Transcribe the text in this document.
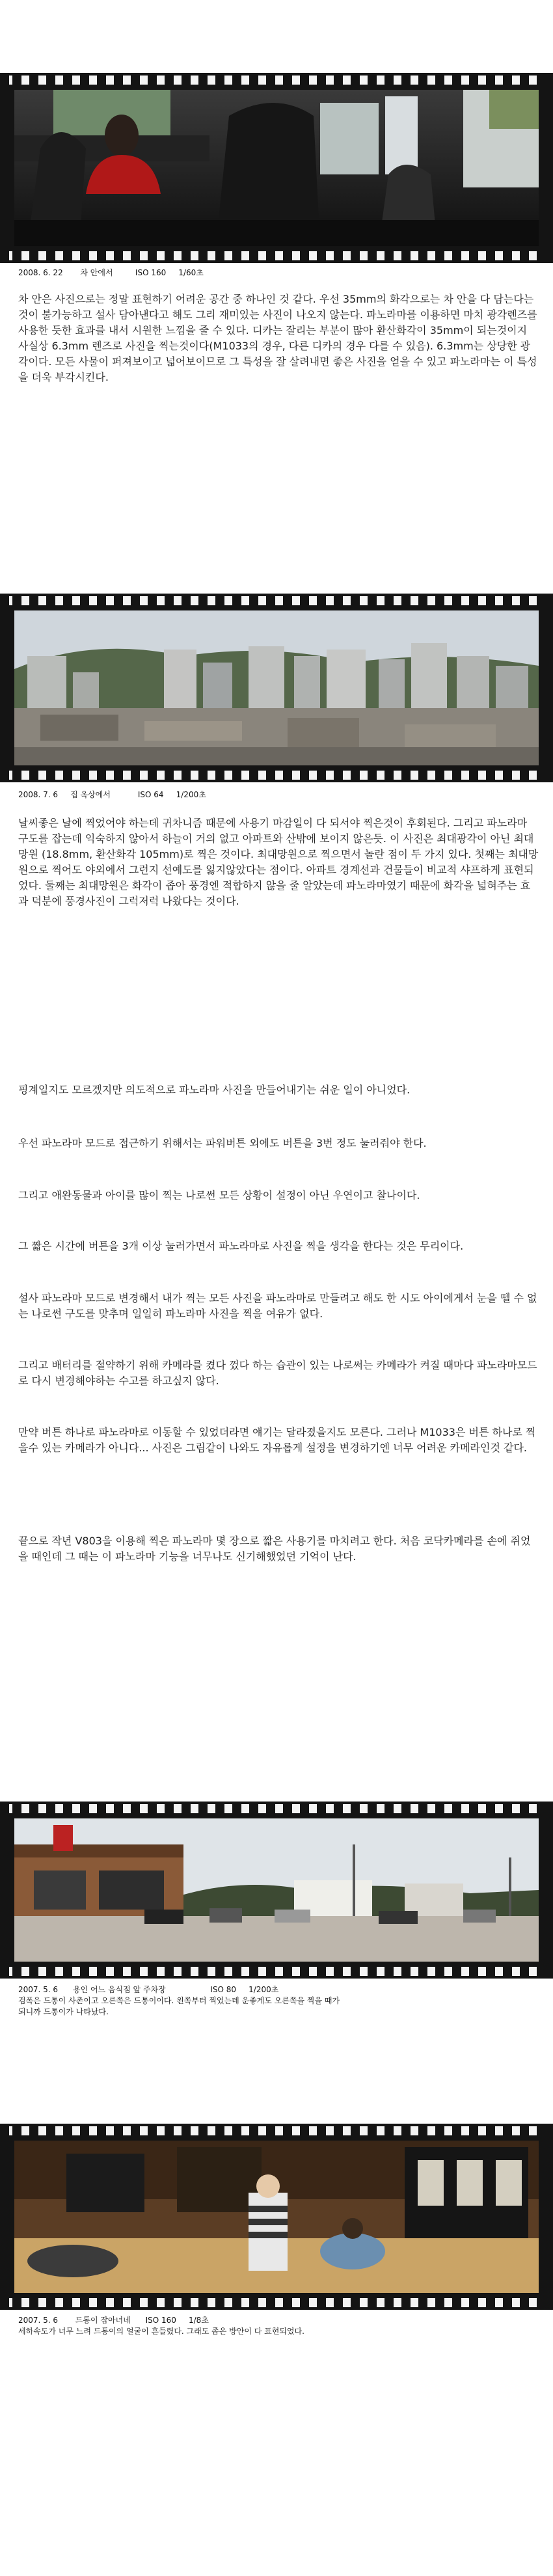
2008. 6. 22       차 안에서         ISO 160     1/60초
차 안은 사진으로는 정말 표현하기 어려운 공간 중 하나인 것 같다. 우선 35mm의 화각으로는 차 안을 다 담는다는 것이 불가능하고 설사 담아낸다고 해도 그리 재미있는 사진이 나오지 않는다. 파노라마를 이용하면 마치 광각렌즈를 사용한 듯한 효과를 내서 시원한 느낌을 줄 수 있다. 디카는 잘리는 부분이 많아 환산화각이 35mm이 되는것이지 사실상 6.3mm 렌즈로 사진을 찍는것이다(M1033의 경우, 다른 디카의 경우 다를 수 있음). 6.3mm는 상당한 광각이다. 모든 사물이 퍼져보이고 넓어보이므로 그 특성을 잘 살려내면 좋은 사진을 얻을 수 있고 파노라마는 이 특성을 더욱 부각시킨다.
2008. 7. 6     집 옥상에서           ISO 64     1/200초
날씨좋은 날에 찍었어야 하는데 귀차니즘 때문에 사용기 마감일이 다 되서야 찍은것이 후회된다. 그리고 파노라마 구도를 잡는데 익숙하지 않아서 하늘이 거의 없고 아파트와 산밖에 보이지 않은듯. 이 사진은 최대광각이 아닌 최대망원 (18.8mm, 환산화각 105mm)로 찍은 것이다. 최대망원으로 찍으면서 놀란 점이 두 가지 있다. 첫째는 최대망원으로 찍어도 야외에서 그런지 선예도를 잃지않았다는 점이다. 아파트 경계선과 건물들이 비교적 샤프하게 표현되었다. 둘째는 최대망원은 화각이 좁아 풍경엔 적합하지 않을 줄 알았는데 파노라마였기 때문에 화각을 넓혀주는 효과 덕분에 풍경사진이 그럭저럭 나왔다는 것이다.
핑계일지도 모르겠지만 의도적으로 파노라마 사진을 만들어내기는 쉬운 일이 아니었다.
우선 파노라마 모드로 접근하기 위해서는 파워버튼 외에도 버튼을 3번 정도 눌러줘야 한다.
그리고 애완동물과 아이를 많이 찍는 나로썬 모든 상황이 설정이 아닌 우연이고 찰나이다.
그 짧은 시간에 버튼을 3개 이상 눌러가면서 파노라마로 사진을 찍을 생각을 한다는 것은 무리이다.
설사 파노라마 모드로 변경해서 내가 찍는 모든 사진을 파노라마로 만들려고 해도 한 시도 아이에게서 눈을 뗄 수 없는 나로썬 구도를 맞추며 일일히 파노라마 사진을 찍을 여유가 없다.
그리고 배터리를 절약하기 위해 카메라를 켰다 껐다 하는 습관이 있는 나로써는 카메라가 켜질 때마다 파노라마모드로 다시 변경해야하는 수고를 하고싶지 않다.
만약 버튼 하나로 파노라마로 이동할 수 있었더라면 얘기는 달라졌을지도 모른다. 그러나 M1033은 버튼 하나로 찍을수 있는 카메라가 아니다... 사진은 그림같이 나와도 자유롭게 설정을 변경하기엔 너무 어려운 카메라인것 같다.
끝으로 작년 V803을 이용해 찍은 파노라마 몇 장으로 짧은 사용기를 마치려고 한다. 처음 코닥카메라를 손에 쥐었을 때인데 그 때는 이 파노라마 기능을 너무나도 신기해했었던 기억이 난다.
2007. 5. 6      용인 어느 음식점 앞 주차장                  ISO 80     1/200초
검폭은 드통이 사촌이고 오른쪽은 드통이이다. 왼쪽부터 찍었는데 운좋게도 오른쪽을 찍을 때가
되니까 드통이가 나타났다.
2007. 5. 6       드통이 잡아녀네      ISO 160     1/8초
세하속도가 너무 느려 드통이의 얼굴이 흔들렸다. 그래도 좁은 방안이 다 표현되었다.
